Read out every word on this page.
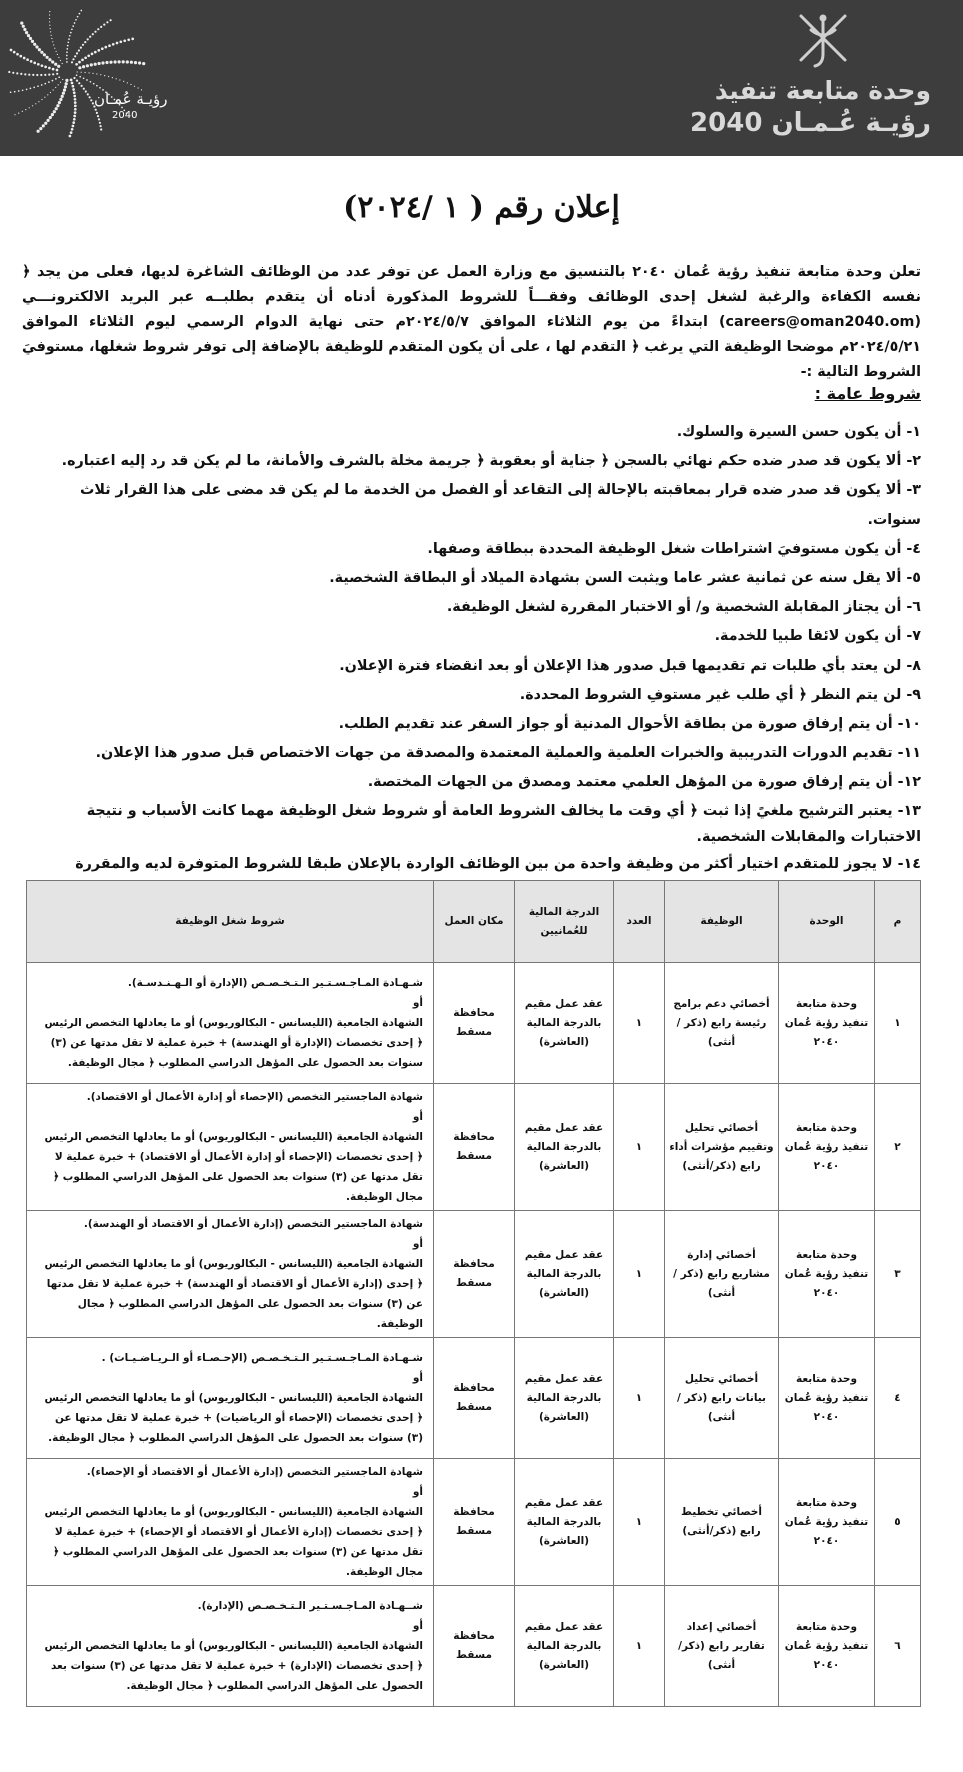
رؤيـة عُمـان
2040
وحدة متابعة تنفيذ
رؤيـة عُـمـان 2040
إعلان رقم ( ١ /٢٠٢٤)
تعلن وحدة متابعة تنفيذ رؤية عُمان ٢٠٤٠ بالتنسيق مع وزارة العمل عن توفر عدد من الوظائف الشاغرة لديها، فعلى من يجد ﴿ نفسه الكفاءة والرغبة لشغل إحدى الوظائف وفقـــاً للشروط المذكورة أدناه أن يتقدم بطلبــه عبر البريد الالكترونـــي (careers@oman2040.om) ابتداءً من يوم الثلاثاء الموافق ٢٠٢٤/٥/٧م حتى نهاية الدوام الرسمي ليوم الثلاثاء الموافق ٢٠٢٤/٥/٢١م موضحا الوظيفة التي يرغب ﴿ التقدم لها ، على أن يكون المتقدم للوظيفة بالإضافة إلى توفر شروط شغلها، مستوفيَ الشروط التالية :-
شروط عامة :
١- أن يكون حسن السيرة والسلوك.
٢- ألا يكون قد صدر ضده حكم نهائي بالسجن ﴿ جناية أو بعقوبة ﴿ جريمة مخلة بالشرف والأمانة، ما لم يكن قد رد إليه اعتباره.
٣- ألا يكون قد صدر ضده قرار بمعاقبته بالإحالة إلى التقاعد أو الفصل من الخدمة ما لم يكن قد مضى على هذا القرار ثلاث سنوات.
٤- أن يكون مستوفيَ اشتراطات شغل الوظيفة المحددة ببطاقة وصفها.
٥- ألا يقل سنه عن ثمانية عشر عاما ويثبت السن بشهادة الميلاد أو البطاقة الشخصية.
٦- أن يجتاز المقابلة الشخصية و/ أو الاختبار المقررة لشغل الوظيفة.
٧- أن يكون لائقا طبيا للخدمة.
٨- لن يعتد بأي طلبات تم تقديمها قبل صدور هذا الإعلان أو بعد انقضاء فترة الإعلان.
٩- لن يتم النظر ﴿ أي طلب غير مستوفِ الشروط المحددة.
١٠- أن يتم إرفاق صورة من بطاقة الأحوال المدنية أو جواز السفر عند تقديم الطلب.
١١- تقديم الدورات التدريبية والخبرات العلمية والعملية المعتمدة والمصدقة من جهات الاختصاص قبل صدور هذا الإعلان.
١٢- أن يتم إرفاق صورة من المؤهل العلمي معتمد ومصدق من الجهات المختصة.
١٣- يعتبر الترشيح ملغيً إذا ثبت ﴿ أي وقت ما يخالف الشروط العامة أو شروط شغل الوظيفة مهما كانت الأسباب و نتيجة الاختبارات والمقابلات الشخصية.
١٤- لا يجوز للمتقدم اختيار أكثر من وظيفة واحدة من بين الوظائف الواردة بالإعلان طبقا للشروط المتوفرة لديه والمقررة
م	الوحدة	الوظيفة	العدد	الدرجة المالية للعُمانيين	مكان العمل	شروط شغل الوظيفة
١	وحدة متابعة تنفيذ رؤية عُمان ٢٠٤٠	أخصائي دعم برامج رئيسة رابع (ذكر /أنثى)	١	عقد عمل مقيم بالدرجة المالية (العاشرة)	محافظة مسقط	شـهـادة المـاجـسـتـير الـتـخـصـص (الإدارة أو الـهـنـدسـة).
أو
الشهادة الجامعية (الليسانس - البكالوريوس) أو ما يعادلها التخصص الرئيس ﴿ إحدى تخصصات (الإدارة أو الهندسة) + خبرة عملية لا تقل مدتها عن (٣) سنوات بعد الحصول على المؤهل الدراسي المطلوب ﴿ مجال الوظيفة.

٢	وحدة متابعة تنفيذ رؤية عُمان ٢٠٤٠	أخصائي تحليل وتقييم مؤشرات أداء رابع (ذكر/أنثى)	١	عقد عمل مقيم بالدرجة المالية (العاشرة)	محافظة مسقط	شهادة الماجستير التخصص (الإحصاء أو إدارة الأعمال أو الاقتصاد).
أو
الشهادة الجامعية (الليسانس - البكالوريوس) أو ما يعادلها التخصص الرئيس ﴿ إحدى تخصصات (الإحصاء أو إدارة الأعمال أو الاقتصاد) + خبرة عملية لا تقل مدتها عن (٣) سنوات بعد الحصول على المؤهل الدراسي المطلوب ﴿ مجال الوظيفة.

٣	وحدة متابعة تنفيذ رؤية عُمان ٢٠٤٠	أخصائي إدارة مشاريع رابع (ذكر /أنثى)	١	عقد عمل مقيم بالدرجة المالية (العاشرة)	محافظة مسقط	شهادة الماجستير التخصص (إدارة الأعمال أو الاقتصاد أو الهندسة).
أو
الشهادة الجامعية (الليسانس - البكالوريوس) أو ما يعادلها التخصص الرئيس ﴿ إحدى (إدارة الأعمال أو الاقتصاد أو الهندسة) + خبرة عملية لا تقل مدتها عن (٣) سنوات بعد الحصول على المؤهل الدراسي المطلوب ﴿ مجال الوظيفة.

٤	وحدة متابعة تنفيذ رؤية عُمان ٢٠٤٠	أخصائي تحليل بيانات رابع (ذكر /أنثى)	١	عقد عمل مقيم بالدرجة المالية (العاشرة)	محافظة مسقط	شـهـادة المـاجـسـتـير الـتـخـصـص (الإحـصـاء أو الـريـاضـيـات) .
أو
الشهادة الجامعية (الليسانس - البكالوريوس) أو ما يعادلها التخصص الرئيس ﴿ إحدى تخصصات (الإحصاء أو الرياضيات) + خبرة عملية لا تقل مدتها عن (٣) سنوات بعد الحصول على المؤهل الدراسي المطلوب ﴿ مجال الوظيفة.

٥	وحدة متابعة تنفيذ رؤية عُمان ٢٠٤٠	أخصائي تخطيط رابع (ذكر/أنثى)	١	عقد عمل مقيم بالدرجة المالية (العاشرة)	محافظة مسقط	شهادة الماجستير التخصص (إدارة الأعمال أو الاقتصاد أو الإحصاء).
أو
الشهادة الجامعية (الليسانس - البكالوريوس) أو ما يعادلها التخصص الرئيس ﴿ إحدى تخصصات (إدارة الأعمال أو الاقتصاد أو الإحصاء) + خبرة عملية لا تقل مدتها عن (٣) سنوات بعد الحصول على المؤهل الدراسي المطلوب ﴿ مجال الوظيفة.

٦	وحدة متابعة تنفيذ رؤية عُمان ٢٠٤٠	أخصائي إعداد تقارير رابع (ذكر/أنثى)	١	عقد عمل مقيم بالدرجة المالية (العاشرة)	محافظة مسقط	شــهـادة المـاجـسـتـير الـتـخـصـص (الإدارة).
أو
الشهادة الجامعية (الليسانس - البكالوريوس) أو ما يعادلها التخصص الرئيس ﴿ إحدى تخصصات (الإدارة) + خبرة عملية لا تقل مدتها عن (٣) سنوات بعد الحصول على المؤهل الدراسي المطلوب ﴿ مجال الوظيفة.
